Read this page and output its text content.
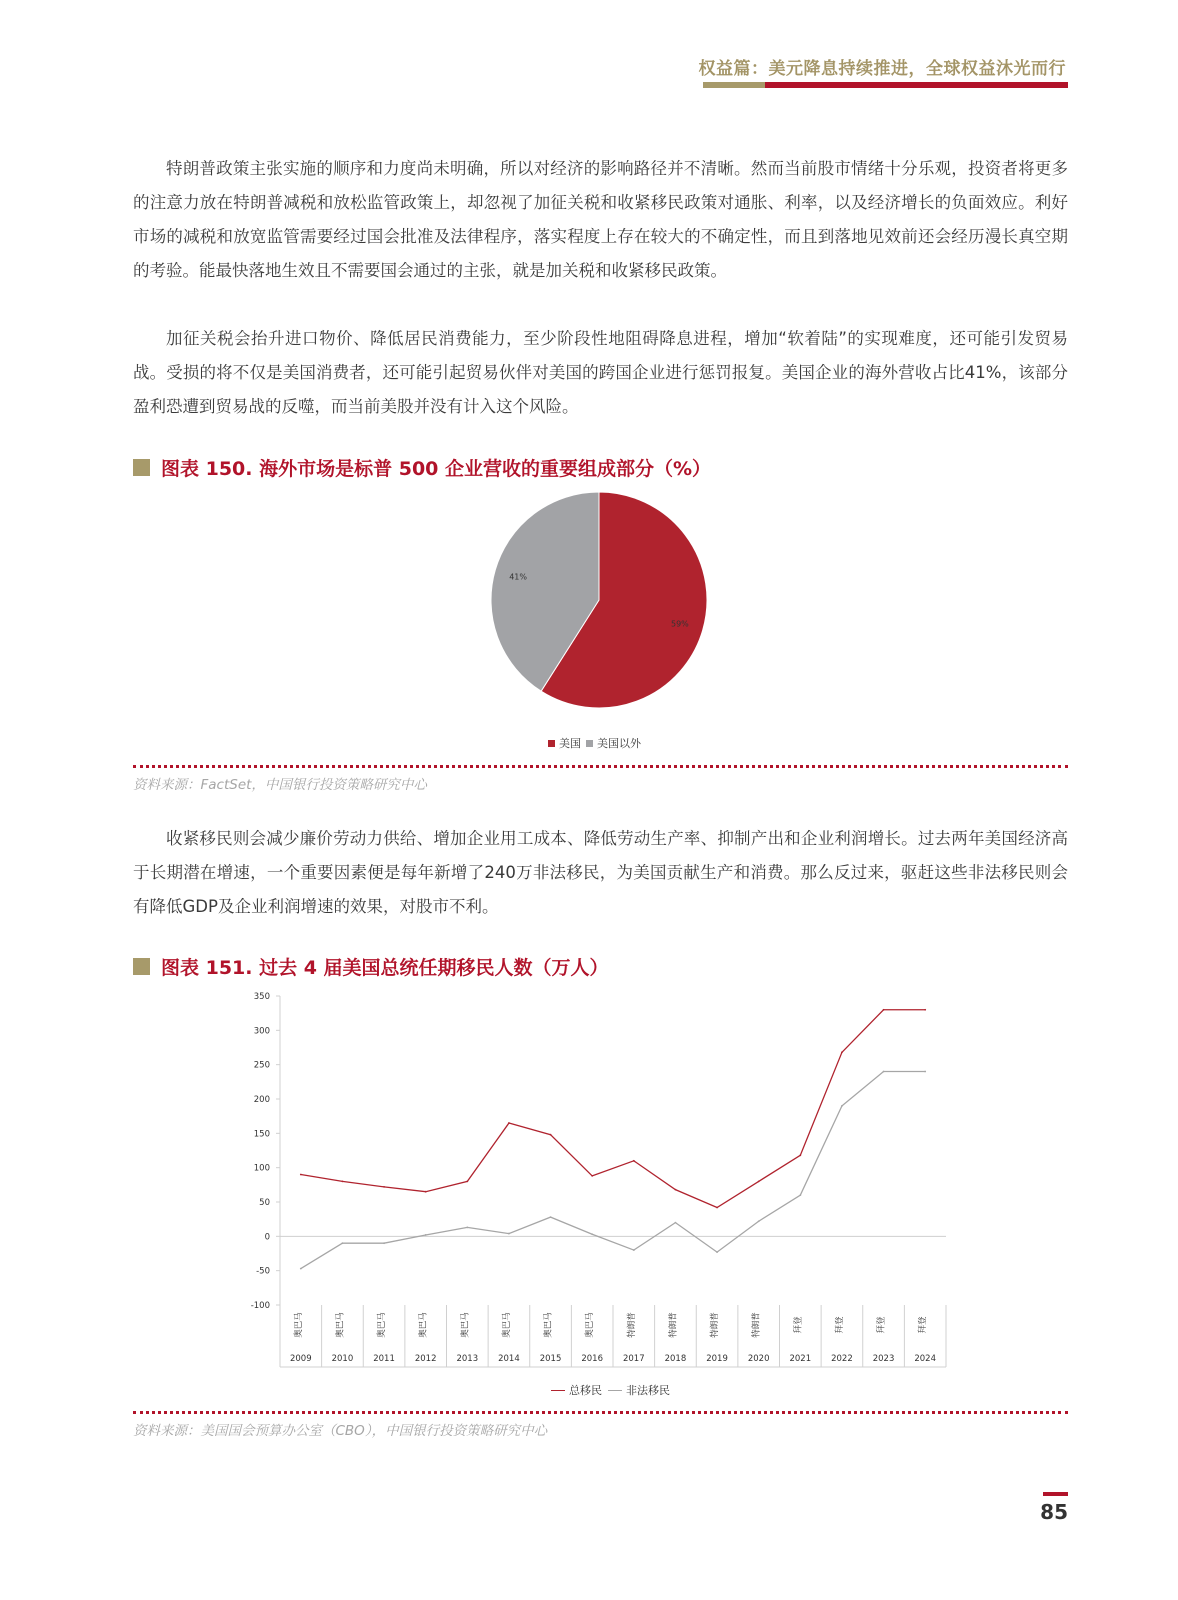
权益篇：美元降息持续推进，全球权益沐光而行

特朗普政策主张实施的顺序和力度尚未明确，所以对经济的影响路径并不清晰。然而当前股市情绪十分乐观，投资者将更多的注意力放在特朗普减税和放松监管政策上，却忽视了加征关税和收紧移民政策对通胀、利率，以及经济增长的负面效应。利好市场的减税和放宽监管需要经过国会批准及法律程序，落实程度上存在较大的不确定性，而且到落地见效前还会经历漫长真空期的考验。能最快落地生效且不需要国会通过的主张，就是加关税和收紧移民政策。

加征关税会抬升进口物价、降低居民消费能力，至少阶段性地阻碍降息进程，增加“软着陆”的实现难度，还可能引发贸易战。受损的将不仅是美国消费者，还可能引起贸易伙伴对美国的跨国企业进行惩罚报复。美国企业的海外营收占比41%，该部分盈利恐遭到贸易战的反噬，而当前美股并没有计入这个风险。

图表 150. 海外市场是标普 500 企业营收的重要组成部分（%）
59%
41%
美国 美国以外
资料来源：FactSet，中国银行投资策略研究中心

收紧移民则会减少廉价劳动力供给、增加企业用工成本、降低劳动生产率、抑制产出和企业利润增长。过去两年美国经济高于长期潜在增速，一个重要因素便是每年新增了240万非法移民，为美国贡献生产和消费。那么反过来，驱赶这些非法移民则会有降低GDP及企业利润增速的效果，对股市不利。

图表 151. 过去 4 届美国总统任期移民人数（万人）
-100
-50
0
50
100
150
200
250
300
350
奥巴马	奥巴马	奥巴马	奥巴马	奥巴马	奥巴马	奥巴马	奥巴马	特朗普	特朗普	特朗普	特朗普	拜登	拜登	拜登	拜登
2009 2010 2011 2012 2013 2014 2015 2016 2017 2018 2019 2020 2021 2022 2023 2024
总移民 非法移民
资料来源：美国国会预算办公室（CBO），中国银行投资策略研究中心
85
